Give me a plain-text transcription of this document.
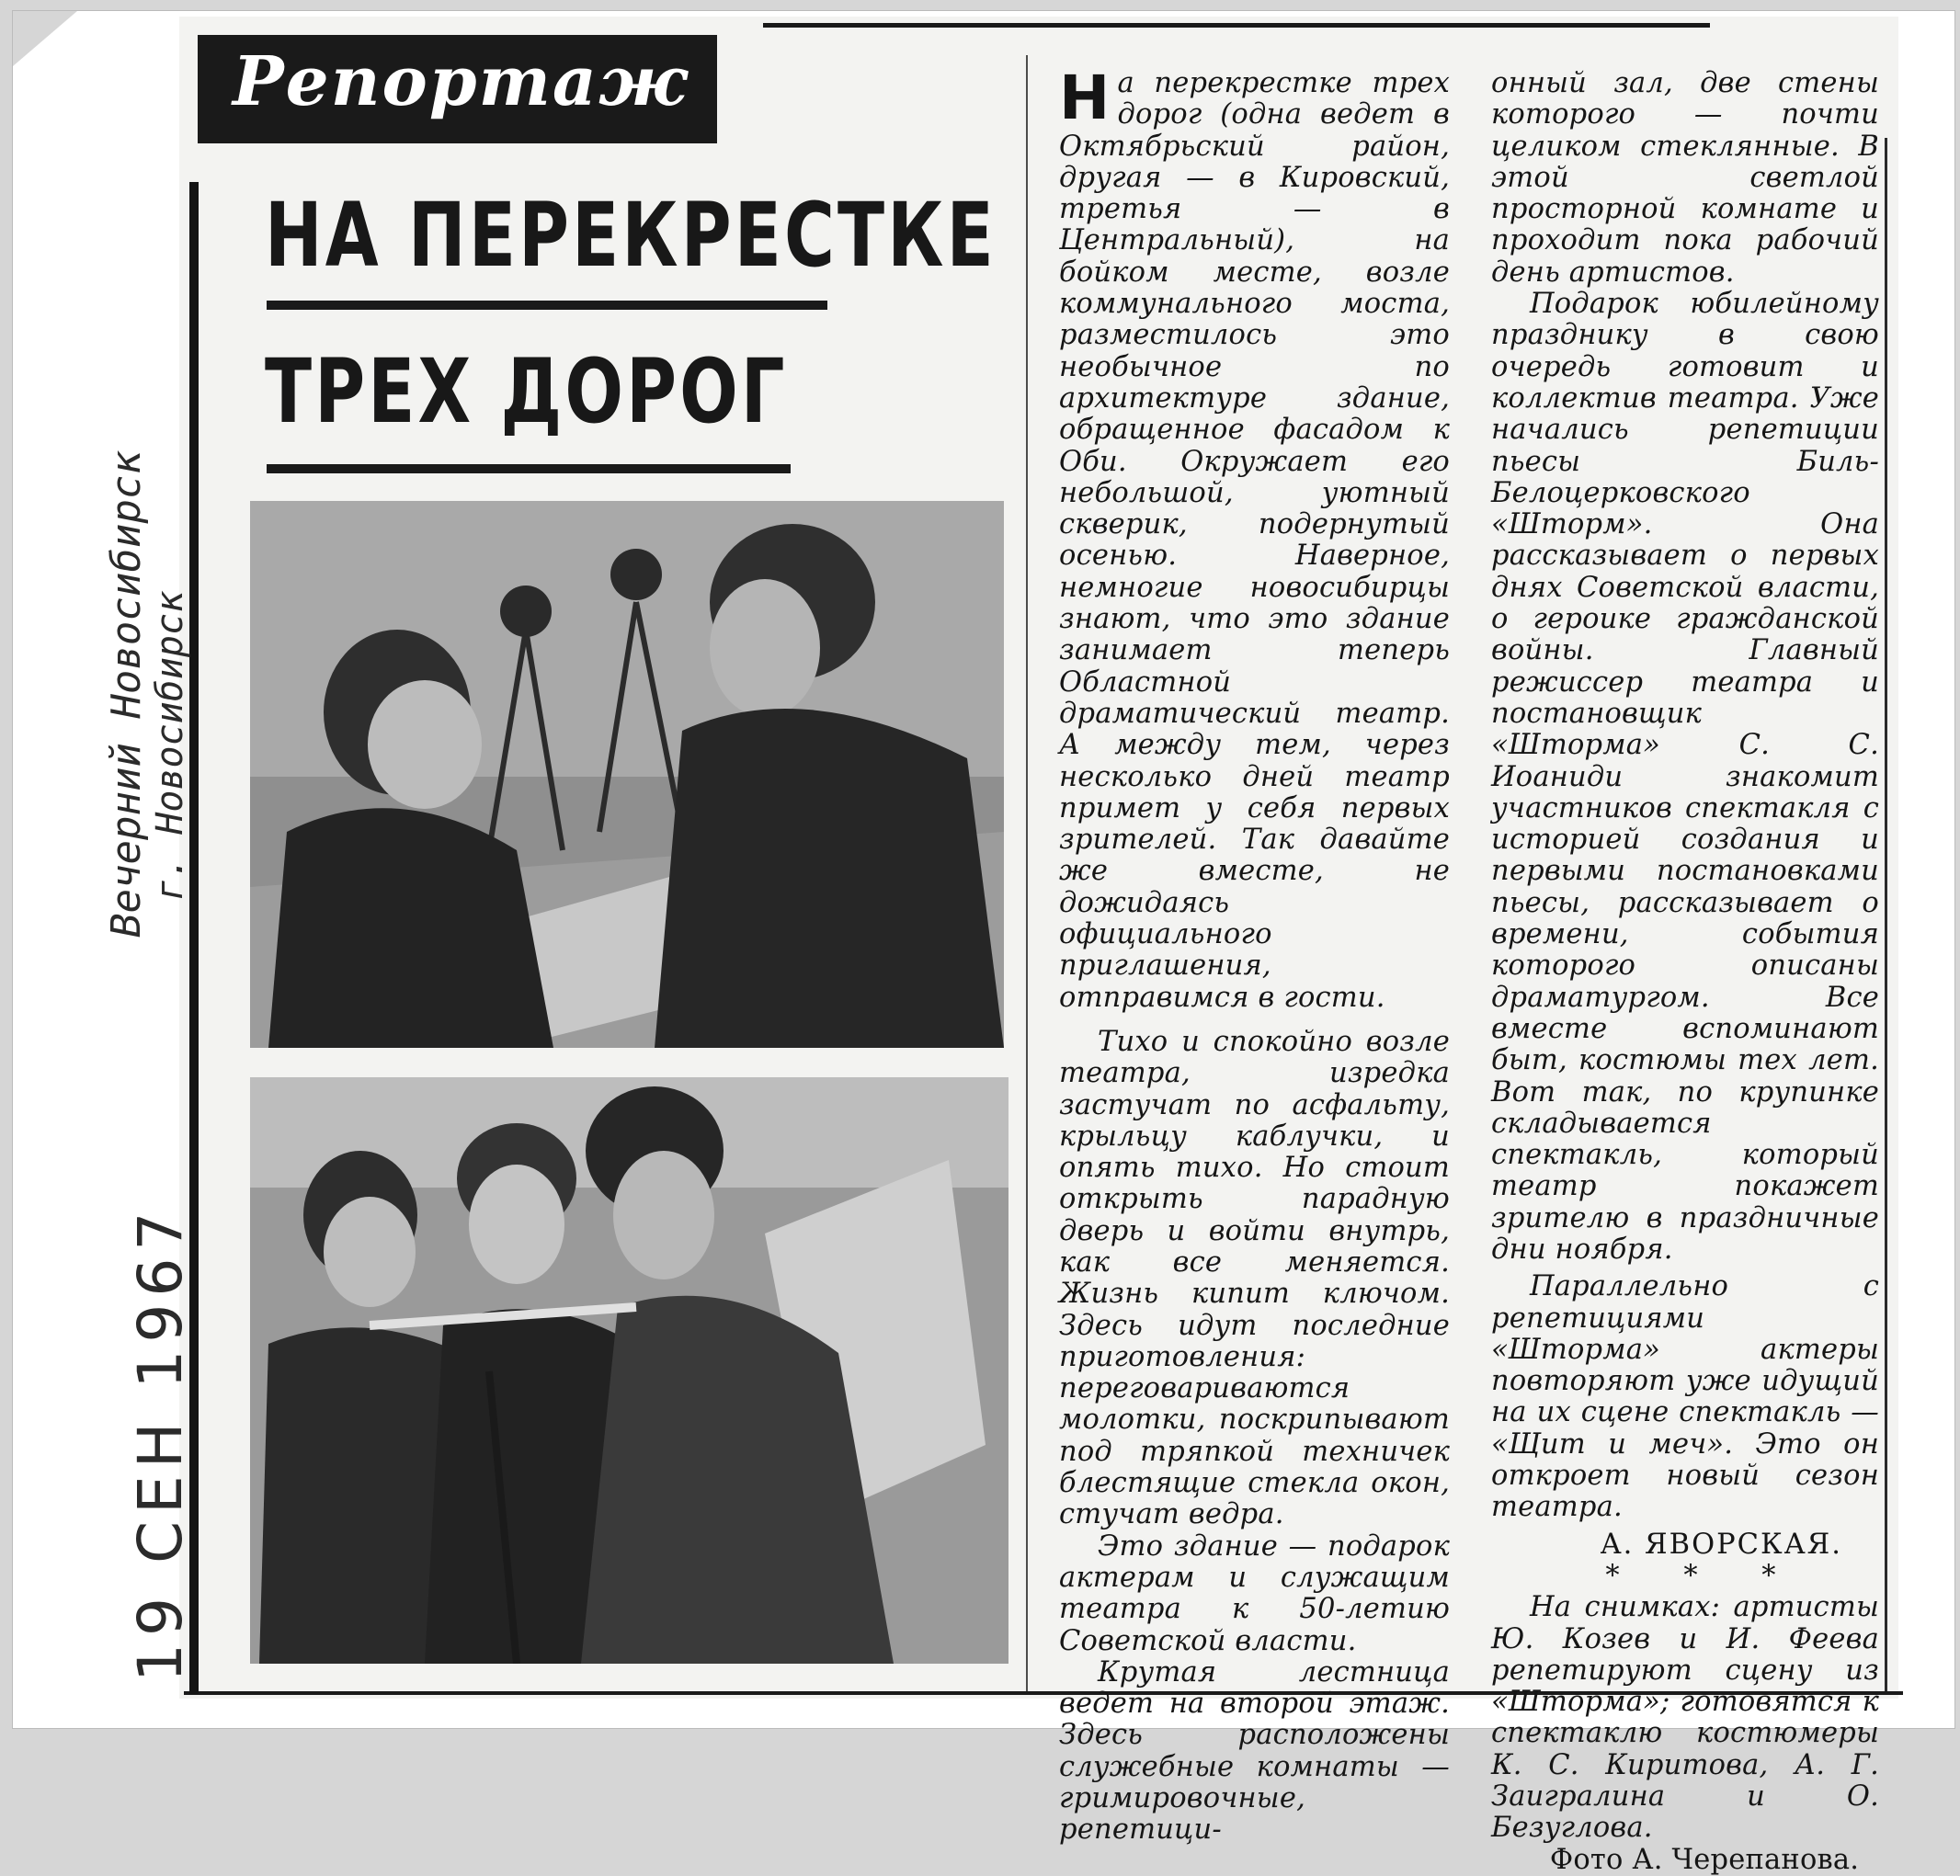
Вечерний Новосибирск г. Новосибирск
19 СЕН 1967
Репортаж
НА ПЕРЕКРЕСТКЕ
ТРЕХ ДОРОГ

На перекрестке трех дорог (одна ведет в Октябрьский район, другая — в Кировский, третья — в Центральный), на бойком месте, возле коммунального моста, разместилось это необычное по архитектуре здание, обращенное фасадом к Оби. Окружает его небольшой, уютный скверик, подернутый осенью. Наверное, немногие новосибирцы знают, что это здание занимает теперь Областной драматический театр. А между тем, через несколько дней театр примет у себя первых зрителей. Так давайте же вместе, не дожидаясь официального приглашения, отправимся в гости.

Тихо и спокойно возле театра, изредка застучат по асфальту, крыльцу каблучки, и опять тихо. Но стоит открыть парадную дверь и войти внутрь, как все меняется. Жизнь кипит ключом. Здесь идут последние приготовления: переговариваются молотки, поскрипывают под тряпкой техничек блестящие стекла окон, стучат ведра.

Это здание — подарок актерам и служащим театра к 50-летию Советской власти.

Крутая лестница ведет на второй этаж. Здесь расположены служебные комнаты — гримировочные, репетици-

онный зал, две стены которого — почти целиком стеклянные. В этой светлой просторной комнате и проходит пока рабочий день артистов.

Подарок юбилейному празднику в свою очередь готовит и коллектив театра. Уже начались репетиции пьесы Биль- Белоцерковского «Шторм». Она рассказывает о первых днях Советской власти, о героике гражданской войны. Главный режиссер театра и постановщик «Шторма» С. С. Иоаниди знакомит участников спектакля с историей создания и первыми постановками пьесы, рассказывает о времени, события которого описаны драматургом. Все вместе вспоминают быт, костюмы тех лет. Вот так, по крупинке складывается спектакль, который театр покажет зрителю в праздничные дни ноября.

Параллельно с репетициями «Шторма» актеры повторяют уже идущий на их сцене спектакль — «Щит и меч». Это он откроет новый сезон театра.

А. ЯВОРСКАЯ.

* * *

На снимках: артисты Ю. Козев и И. Феева репетируют сцену из «Шторма»; готовятся к спектаклю костюмеры К. С. Киритова, А. Г. Заигралина и О. Безуглова.

Фото А. Черепанова.
